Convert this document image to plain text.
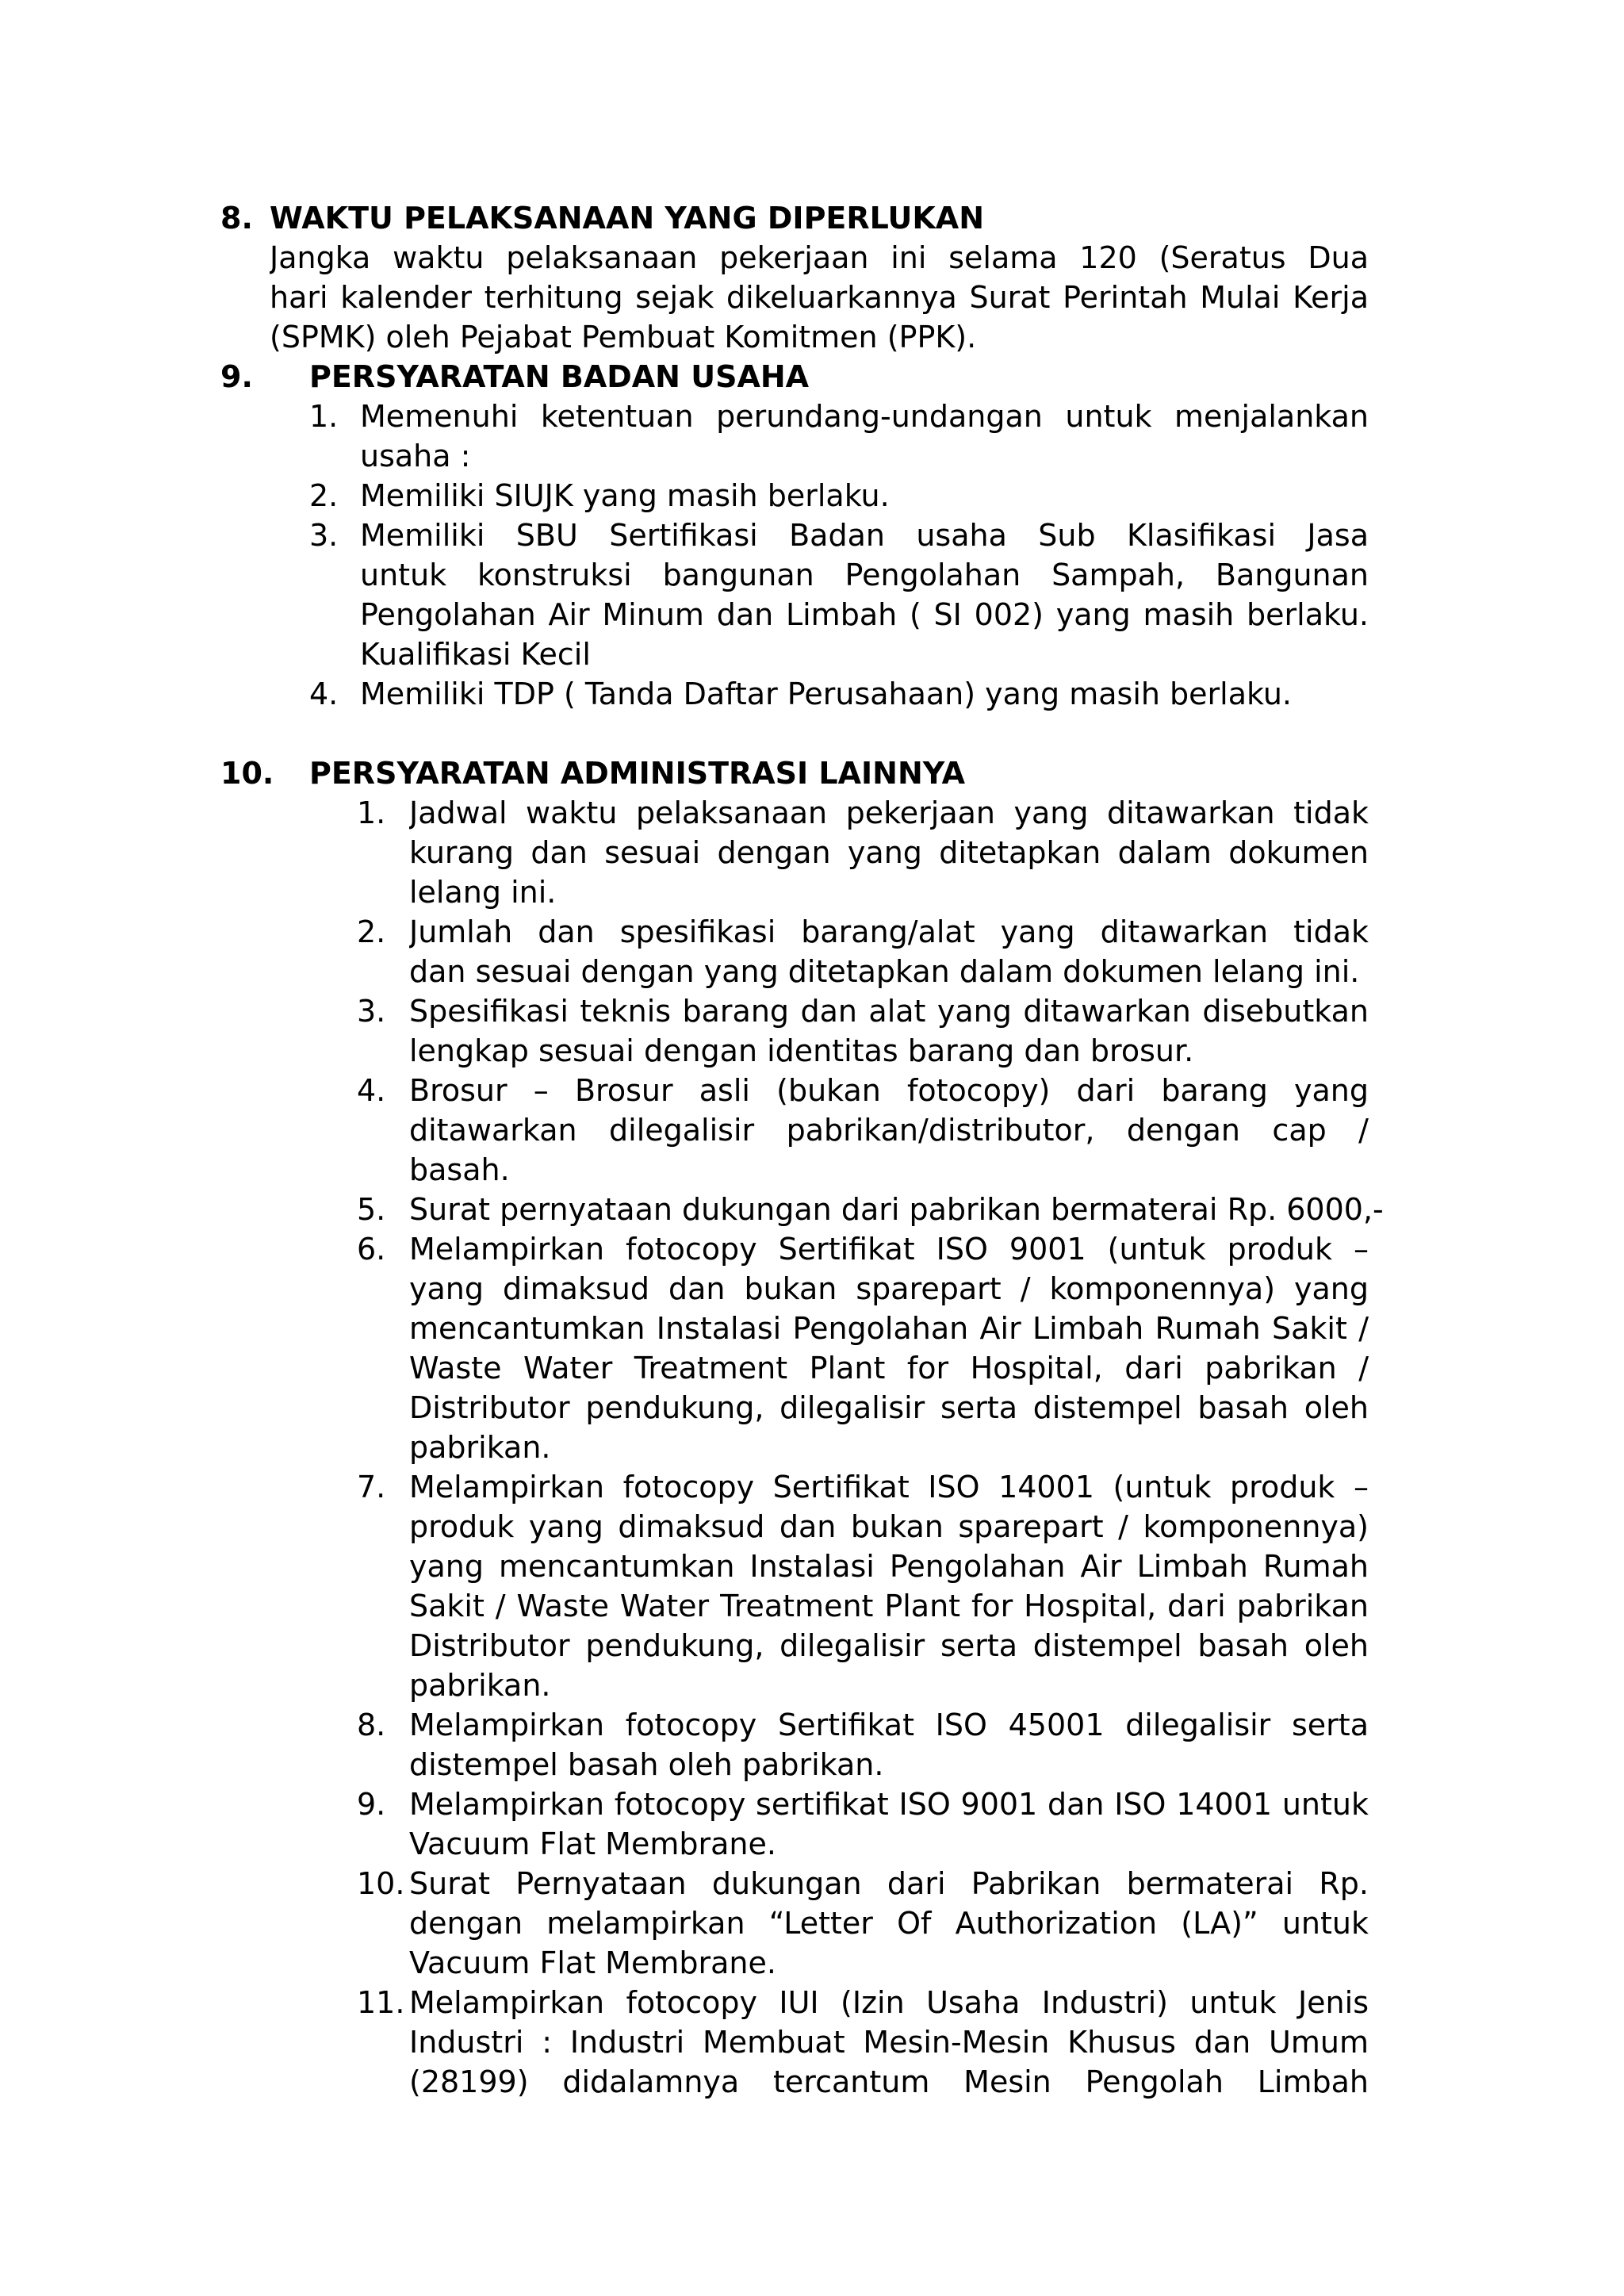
8. WAKTU PELAKSANAAN YANG DIPERLUKAN
Jangka waktu pelaksanaan pekerjaan ini selama 120 (Seratus Dua
hari kalender terhitung sejak dikeluarkannya Surat Perintah Mulai Kerja
(SPMK) oleh Pejabat Pembuat Komitmen (PPK).
9. PERSYARATAN BADAN USAHA
1. Memenuhi ketentuan perundang-undangan untuk menjalankan
usaha :
2. Memiliki SIUJK yang masih berlaku.
3. Memiliki SBU Sertifikasi Badan usaha Sub Klasifikasi Jasa
untuk konstruksi bangunan Pengolahan Sampah, Bangunan
Pengolahan Air Minum dan Limbah ( SI 002) yang masih berlaku.
Kualifikasi Kecil
4. Memiliki TDP ( Tanda Daftar Perusahaan) yang masih berlaku.
10. PERSYARATAN ADMINISTRASI LAINNYA
1. Jadwal waktu pelaksanaan pekerjaan yang ditawarkan tidak
kurang dan sesuai dengan yang ditetapkan dalam dokumen
lelang ini.
2. Jumlah dan spesifikasi barang/alat yang ditawarkan tidak
dan sesuai dengan yang ditetapkan dalam dokumen lelang ini.
3. Spesifikasi teknis barang dan alat yang ditawarkan disebutkan
lengkap sesuai dengan identitas barang dan brosur.
4. Brosur – Brosur asli (bukan fotocopy) dari barang yang
ditawarkan dilegalisir pabrikan/distributor, dengan cap /
basah.
5. Surat pernyataan dukungan dari pabrikan bermaterai Rp. 6000,-
6. Melampirkan fotocopy Sertifikat ISO 9001 (untuk produk –
yang dimaksud dan bukan sparepart / komponennya) yang
mencantumkan Instalasi Pengolahan Air Limbah Rumah Sakit /
Waste Water Treatment Plant for Hospital, dari pabrikan /
Distributor pendukung, dilegalisir serta distempel basah oleh
pabrikan.
7. Melampirkan fotocopy Sertifikat ISO 14001 (untuk produk –
produk yang dimaksud dan bukan sparepart / komponennya)
yang mencantumkan Instalasi Pengolahan Air Limbah Rumah
Sakit / Waste Water Treatment Plant for Hospital, dari pabrikan
Distributor pendukung, dilegalisir serta distempel basah oleh
pabrikan.
8. Melampirkan fotocopy Sertifikat ISO 45001 dilegalisir serta
distempel basah oleh pabrikan.
9. Melampirkan fotocopy sertifikat ISO 9001 dan ISO 14001 untuk
Vacuum Flat Membrane.
10. Surat Pernyataan dukungan dari Pabrikan bermaterai Rp.
dengan melampirkan “Letter Of Authorization (LA)” untuk
Vacuum Flat Membrane.
11. Melampirkan fotocopy IUI (Izin Usaha Industri) untuk Jenis
Industri : Industri Membuat Mesin-Mesin Khusus dan Umum
(28199) didalamnya tercantum Mesin Pengolah Limbah
